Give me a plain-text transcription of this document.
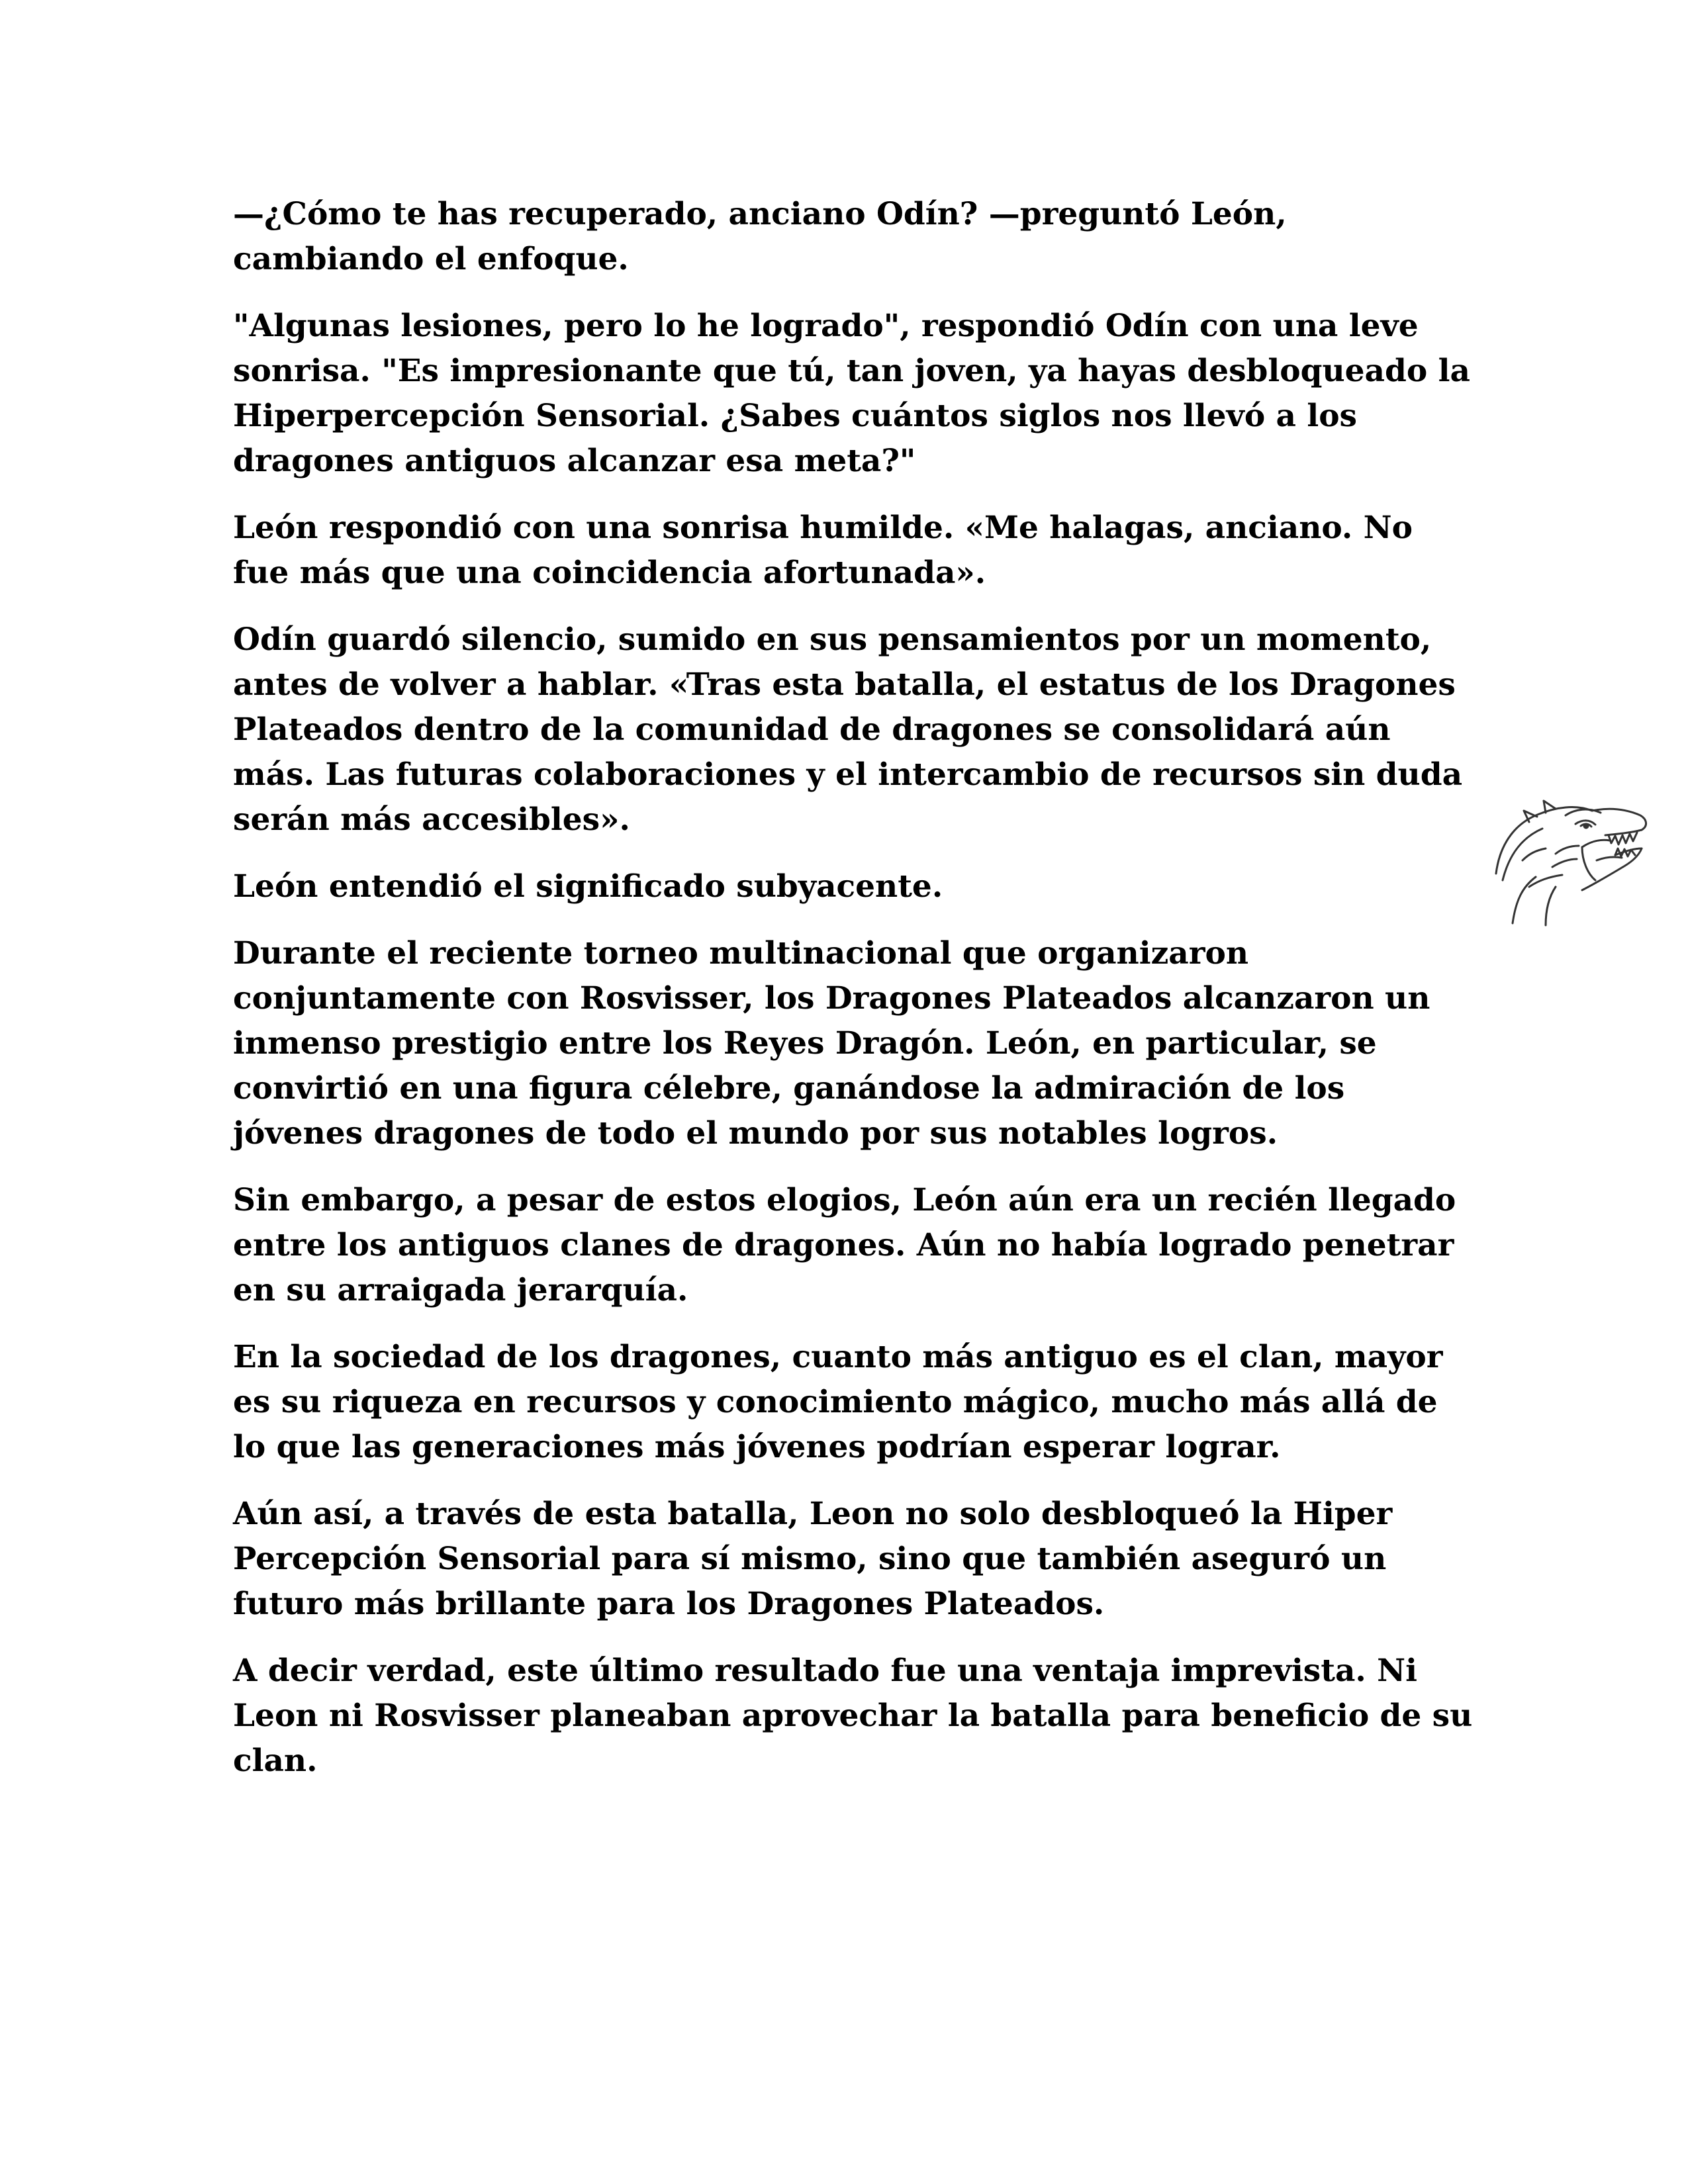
—¿Cómo te has recuperado, anciano Odín? —preguntó León, cambiando el enfoque.

"Algunas lesiones, pero lo he logrado", respondió Odín con una leve sonrisa. "Es impresionante que tú, tan joven, ya hayas desbloqueado la Hiperpercepción Sensorial. ¿Sabes cuántos siglos nos llevó a los dragones antiguos alcanzar esa meta?"

León respondió con una sonrisa humilde. «Me halagas, anciano. No fue más que una coincidencia afortunada».

Odín guardó silencio, sumido en sus pensamientos por un momento, antes de volver a hablar. «Tras esta batalla, el estatus de los Dragones Plateados dentro de la comunidad de dragones se consolidará aún más. Las futuras colaboraciones y el intercambio de recursos sin duda serán más accesibles».

León entendió el significado subyacente.

Durante el reciente torneo multinacional que organizaron conjuntamente con Rosvisser, los Dragones Plateados alcanzaron un inmenso prestigio entre los Reyes Dragón. León, en particular, se convirtió en una figura célebre, ganándose la admiración de los jóvenes dragones de todo el mundo por sus notables logros.

Sin embargo, a pesar de estos elogios, León aún era un recién llegado entre los antiguos clanes de dragones. Aún no había logrado penetrar en su arraigada jerarquía.

En la sociedad de los dragones, cuanto más antiguo es el clan, mayor es su riqueza en recursos y conocimiento mágico, mucho más allá de lo que las generaciones más jóvenes podrían esperar lograr.

Aún así, a través de esta batalla, Leon no solo desbloqueó la Hiper Percepción Sensorial para sí mismo, sino que también aseguró un futuro más brillante para los Dragones Plateados.

A decir verdad, este último resultado fue una ventaja imprevista. Ni Leon ni Rosvisser planeaban aprovechar la batalla para beneficio de su clan.
